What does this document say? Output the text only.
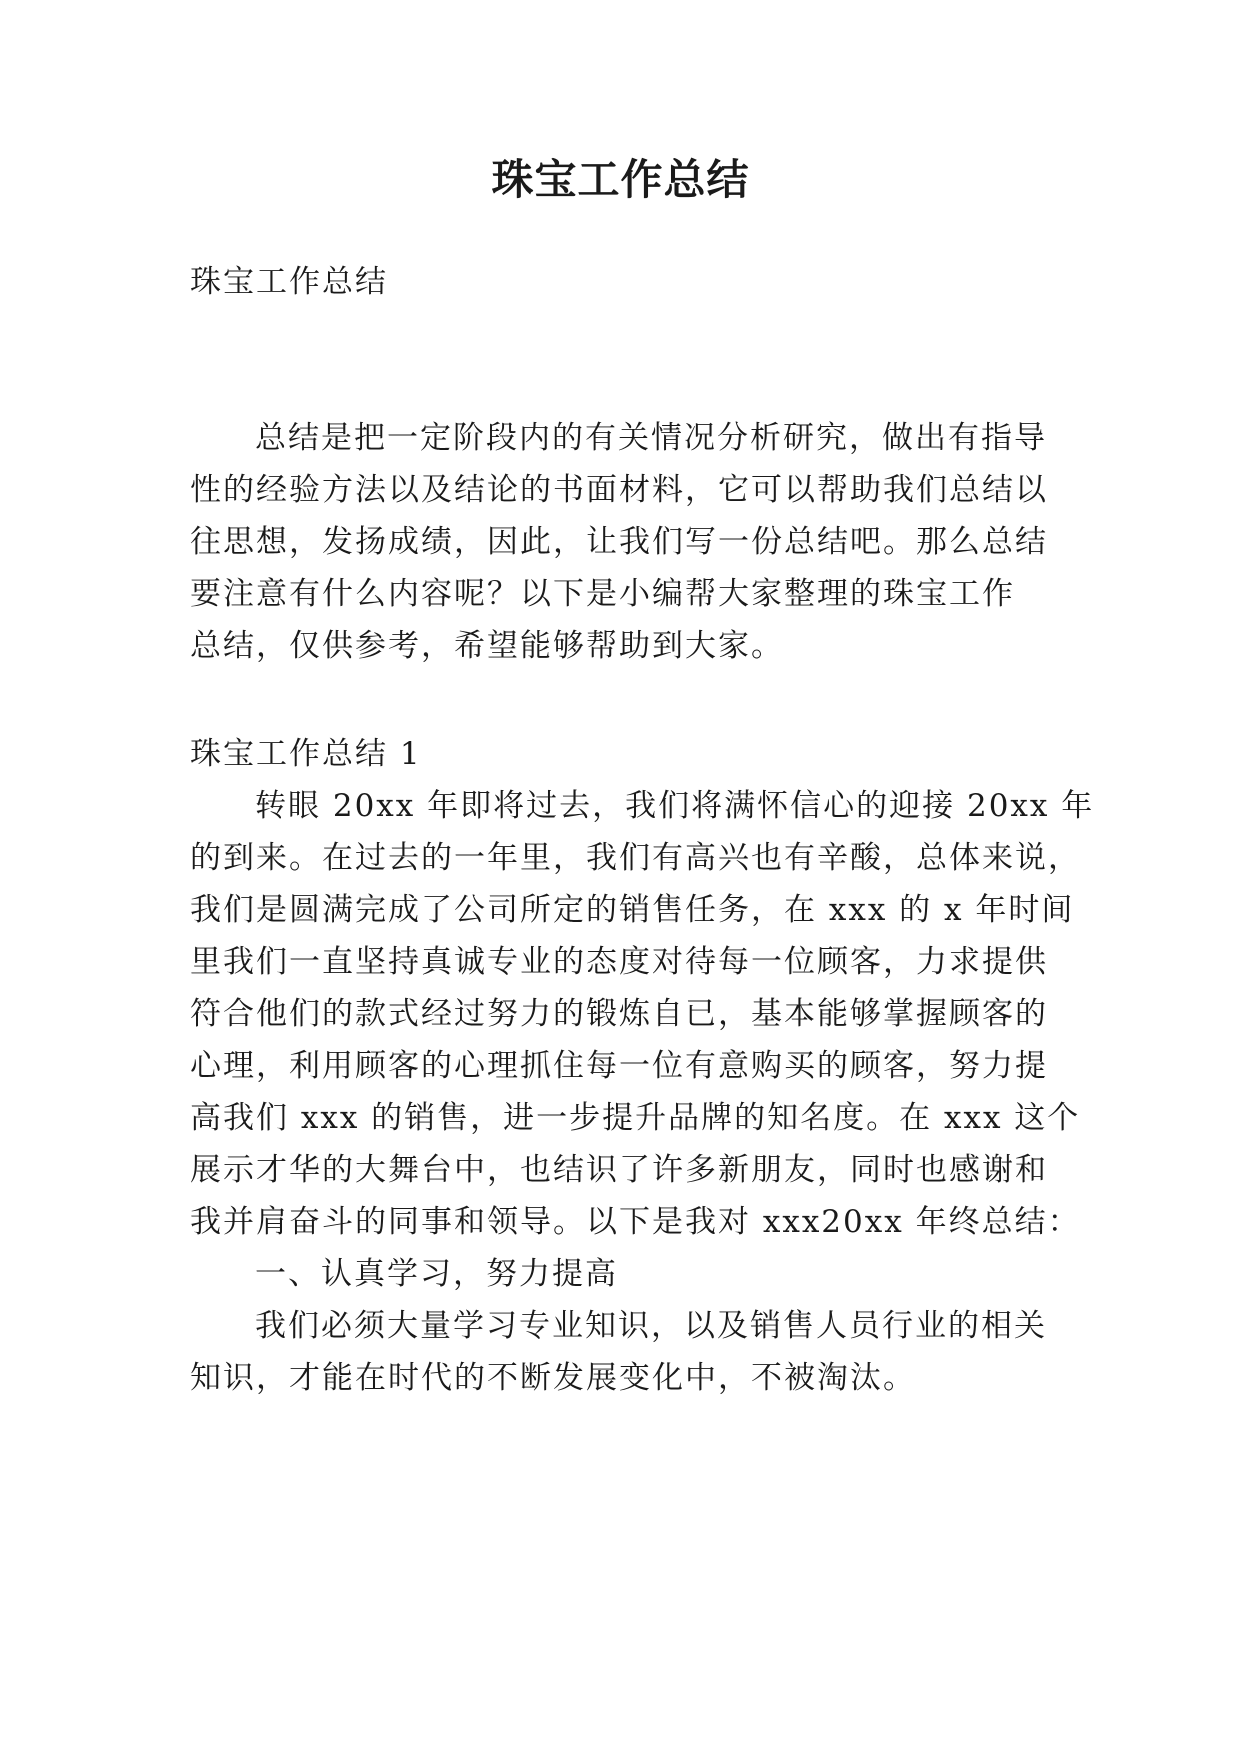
珠宝工作总结
珠宝工作总结
总结是把一定阶段内的有关情况分析研究，做出有指导
性的经验方法以及结论的书面材料，它可以帮助我们总结以
往思想，发扬成绩，因此，让我们写一份总结吧。那么总结
要注意有什么内容呢？以下是小编帮大家整理的珠宝工作
总结，仅供参考，希望能够帮助到大家。
珠宝工作总结 1
转眼 20xx 年即将过去，我们将满怀信心的迎接 20xx 年
的到来。在过去的一年里，我们有高兴也有辛酸，总体来说，
我们是圆满完成了公司所定的销售任务，在 xxx 的 x 年时间
里我们一直坚持真诚专业的态度对待每一位顾客，力求提供
符合他们的款式经过努力的锻炼自已，基本能够掌握顾客的
心理，利用顾客的心理抓住每一位有意购买的顾客，努力提
高我们 xxx 的销售，进一步提升品牌的知名度。在 xxx 这个
展示才华的大舞台中，也结识了许多新朋友，同时也感谢和
我并肩奋斗的同事和领导。以下是我对 xxx20xx 年终总结：
一、认真学习，努力提高
我们必须大量学习专业知识，以及销售人员行业的相关
知识，才能在时代的不断发展变化中，不被淘汰。
